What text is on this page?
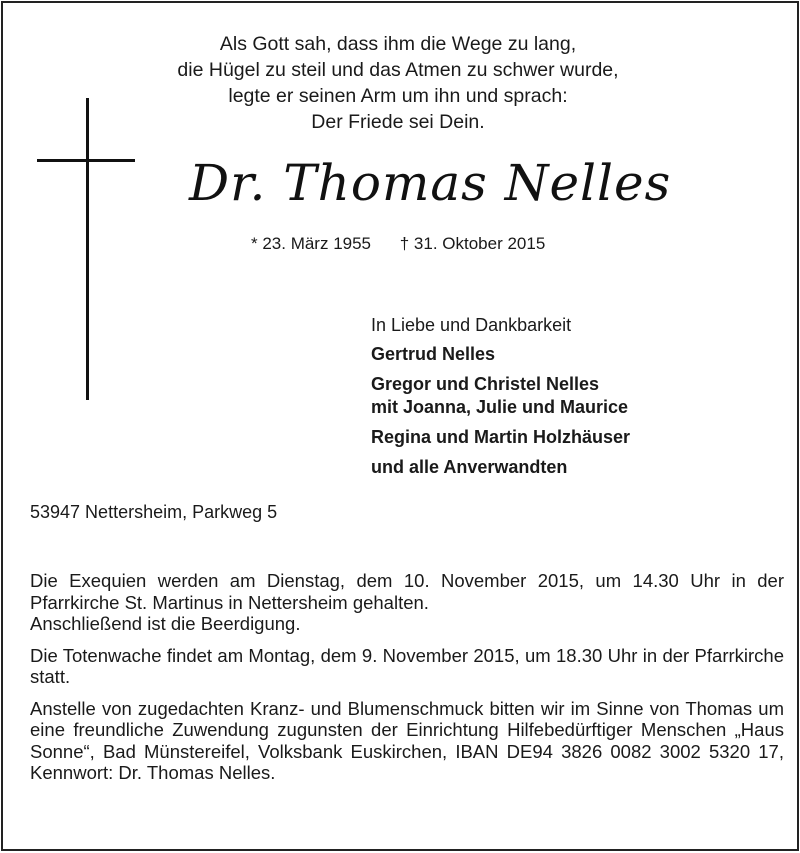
Als Gott sah, dass ihm die Wege zu lang,
die Hügel zu steil und das Atmen zu schwer wurde,
legte er seinen Arm um ihn und sprach:
Der Friede sei Dein.
Dr. Thomas Nelles
* 23. März 1955 † 31. Oktober 2015
In Liebe und Dankbarkeit
Gertrud Nelles
Gregor und Christel Nelles
mit Joanna, Julie und Maurice
Regina und Martin Holzhäuser
und alle Anverwandten
53947 Nettersheim, Parkweg 5

Die Exequien werden am Dienstag, dem 10. November 2015, um 14.30 Uhr in der Pfarrkirche St. Martinus in Nettersheim gehalten.
Anschließend ist die Beerdigung.

Die Totenwache findet am Montag, dem 9. November 2015, um 18.30 Uhr in der Pfarrkirche statt.

Anstelle von zugedachten Kranz- und Blumenschmuck bitten wir im Sinne von Thomas um eine freundliche Zuwendung zugunsten der Einrichtung Hilfebedürftiger Menschen „Haus Sonne“, Bad Münstereifel, Volksbank Euskirchen, IBAN DE94 3826 0082 3002 5320 17, Kennwort: Dr. Thomas Nelles.
